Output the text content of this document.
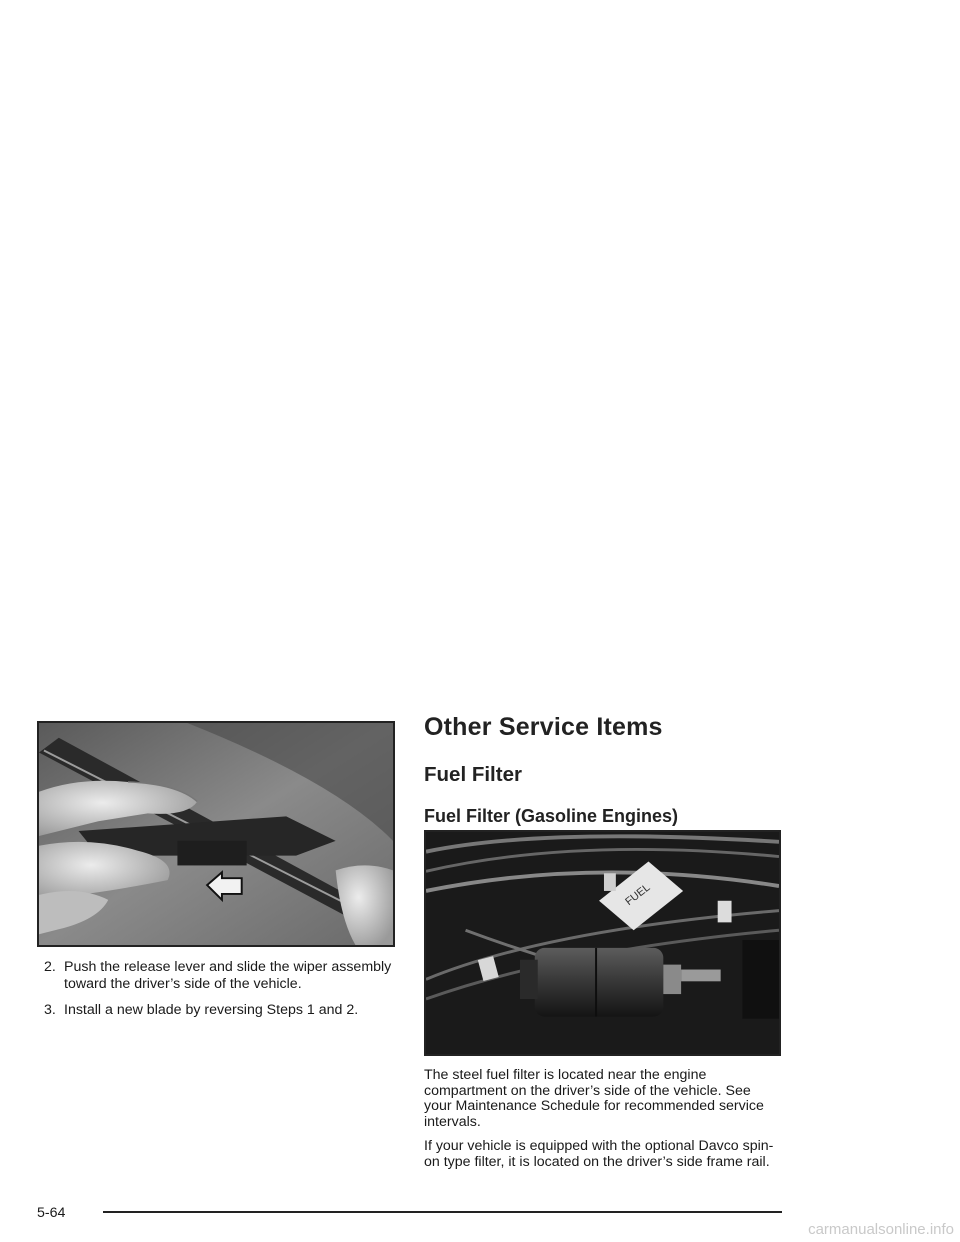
2. Push the release lever and slide the wiper assembly toward the driver’s side of the vehicle.
3. Install a new blade by reversing Steps 1 and 2.
Other Service Items
Fuel Filter
Fuel Filter (Gasoline Engines)
FUEL

The steel fuel filter is located near the engine compartment on the driver’s side of the vehicle. See your Maintenance Schedule for recommended service intervals.

If your vehicle is equipped with the optional Davco spin-on type filter, it is located on the driver’s side frame rail.

5-64
carmanualsonline.info
